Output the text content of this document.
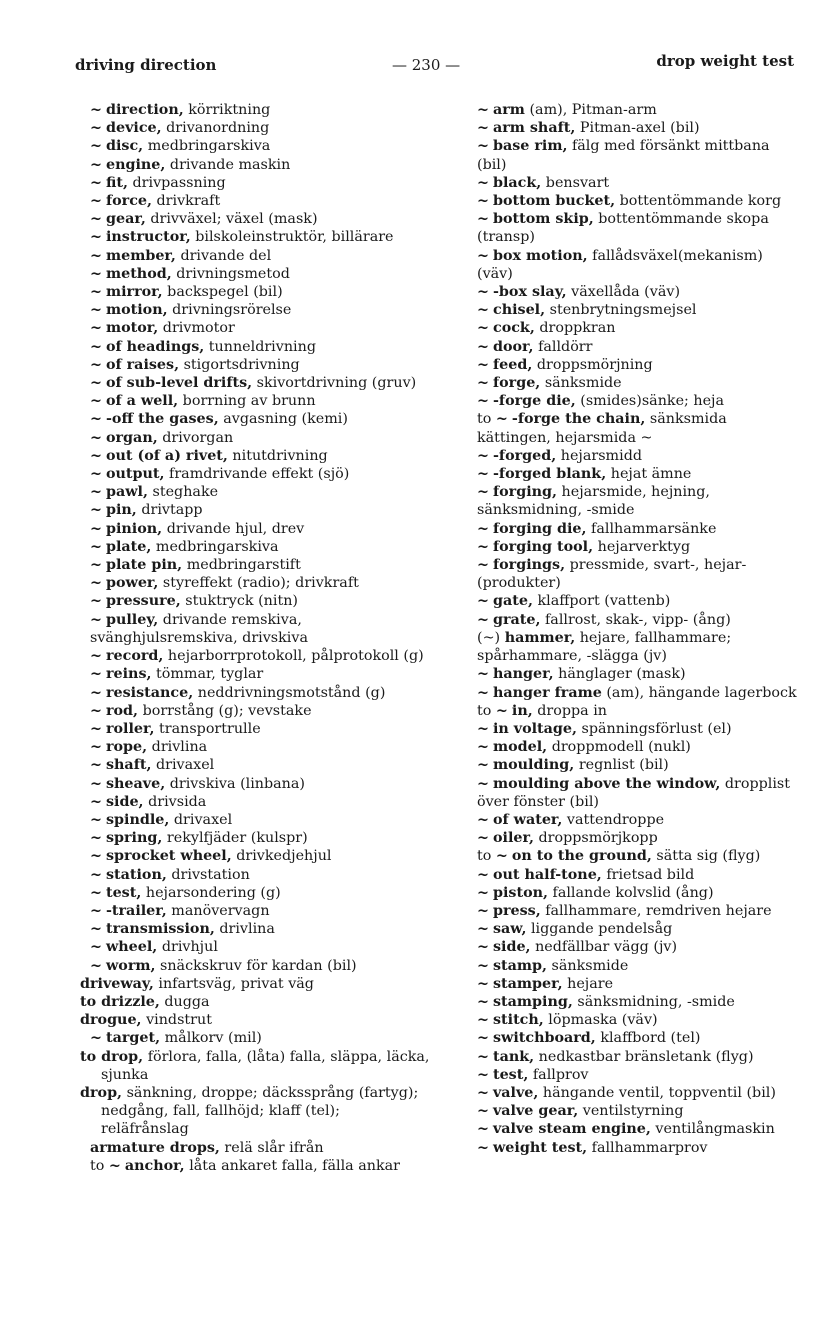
driving direction	— 230 —	drop weight test

~ direction, körriktning

~ device, drivanordning

~ disc, medbringarskiva

~ engine, drivande maskin

~ fit, drivpassning

~ force, drivkraft

~ gear, drivväxel; växel (mask)

~ instructor, bilskoleinstruktör, billärare

~ member, drivande del

~ method, drivningsmetod

~ mirror, backspegel (bil)

~ motion, drivningsrörelse

~ motor, drivmotor

~ of headings, tunneldrivning

~ of raises, stigortsdrivning

~ of sub-level drifts, skivortdrivning (gruv)

~ of a well, borrning av brunn

~ -off the gases, avgasning (kemi)

~ organ, drivorgan

~ out (of a) rivet, nitutdrivning

~ output, framdrivande effekt (sjö)

~ pawl, steghake

~ pin, drivtapp

~ pinion, drivande hjul, drev

~ plate, medbringarskiva

~ plate pin, medbringarstift

~ power, styreffekt (radio); drivkraft

~ pressure, stuktryck (nitn)

~ pulley, drivande remskiva, svänghjulsremskiva, drivskiva

~ record, hejarborrprotokoll, pålprotokoll (g)

~ reins, tömmar, tyglar

~ resistance, neddrivningsmotstånd (g)

~ rod, borrstång (g); vevstake

~ roller, transportrulle

~ rope, drivlina

~ shaft, drivaxel

~ sheave, drivskiva (linbana)

~ side, drivsida

~ spindle, drivaxel

~ spring, rekylfjäder (kulspr)

~ sprocket wheel, drivkedjehjul

~ station, drivstation

~ test, hejarsondering (g)

~ -trailer, manövervagn

~ transmission, drivlina

~ wheel, drivhjul

~ worm, snäckskruv för kardan (bil)

driveway, infartsväg, privat väg

to drizzle, dugga

drogue, vindstrut

~ target, målkorv (mil)

to drop, förlora, falla, (låta) falla, släppa, läcka, sjunka

drop, sänkning, droppe; däckssprång (fartyg); nedgång, fall, fallhöjd; klaff (tel); reläfrånslag

armature drops, relä slår ifrån

to ~ anchor, låta ankaret falla, fälla ankar

~ arm (am), Pitman-arm

~ arm shaft, Pitman-axel (bil)

~ base rim, fälg med försänkt mittbana (bil)

~ black, bensvart

~ bottom bucket, bottentömmande korg

~ bottom skip, bottentömmande skopa (transp)

~ box motion, fallådsväxel(mekanism) (väv)

~ -box slay, växellåda (väv)

~ chisel, stenbrytningsmejsel

~ cock, droppkran

~ door, falldörr

~ feed, droppsmörjning

~ forge, sänksmide

~ -forge die, (smides)sänke; heja

to ~ -forge the chain, sänksmida kättingen, hejarsmida ~

~ -forged, hejarsmidd

~ -forged blank, hejat ämne

~ forging, hejarsmide, hejning, sänksmidning, -smide

~ forging die, fallhammarsänke

~ forging tool, hejarverktyg

~ forgings, pressmide, svart-, hejar- (produkter)

~ gate, klaffport (vattenb)

~ grate, fallrost, skak-, vipp- (ång)

(~) hammer, hejare, fallhammare; spårhammare, -slägga (jv)

~ hanger, hänglager (mask)

~ hanger frame (am), hängande lagerbock

to ~ in, droppa in

~ in voltage, spänningsförlust (el)

~ model, droppmodell (nukl)

~ moulding, regnlist (bil)

~ moulding above the window, dropplist över fönster (bil)

~ of water, vattendroppe

~ oiler, droppsmörjkopp

to ~ on to the ground, sätta sig (flyg)

~ out half-tone, frietsad bild

~ piston, fallande kolvslid (ång)

~ press, fallhammare, remdriven hejare

~ saw, liggande pendelsåg

~ side, nedfällbar vägg (jv)

~ stamp, sänksmide

~ stamper, hejare

~ stamping, sänksmidning, -smide

~ stitch, löpmaska (väv)

~ switchboard, klaffbord (tel)

~ tank, nedkastbar bränsletank (flyg)

~ test, fallprov

~ valve, hängande ventil, toppventil (bil)

~ valve gear, ventilstyrning

~ valve steam engine, ventilångmaskin

~ weight test, fallhammarprov
